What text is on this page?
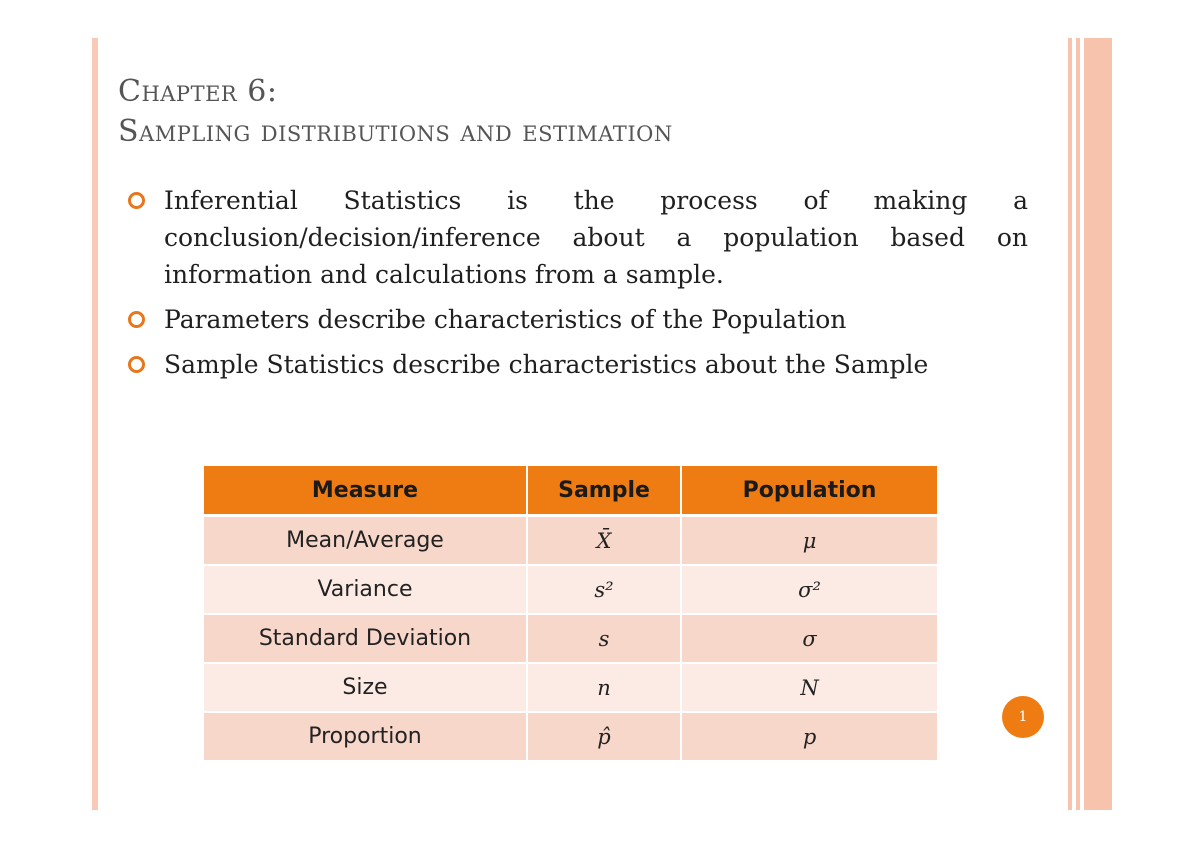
Chapter 6:
Sampling distributions and estimation

Inferential Statistics is the process of making a conclusion/decision/inference about a population based on information and calculations from a sample.

Parameters describe characteristics of the Population

Sample Statistics describe characteristics about the Sample

Measure	Sample	Population
Mean/Average	X̄	μ
Variance	s²	σ²
Standard Deviation	s	σ
Size	n	N
Proportion	p̂	p
1
